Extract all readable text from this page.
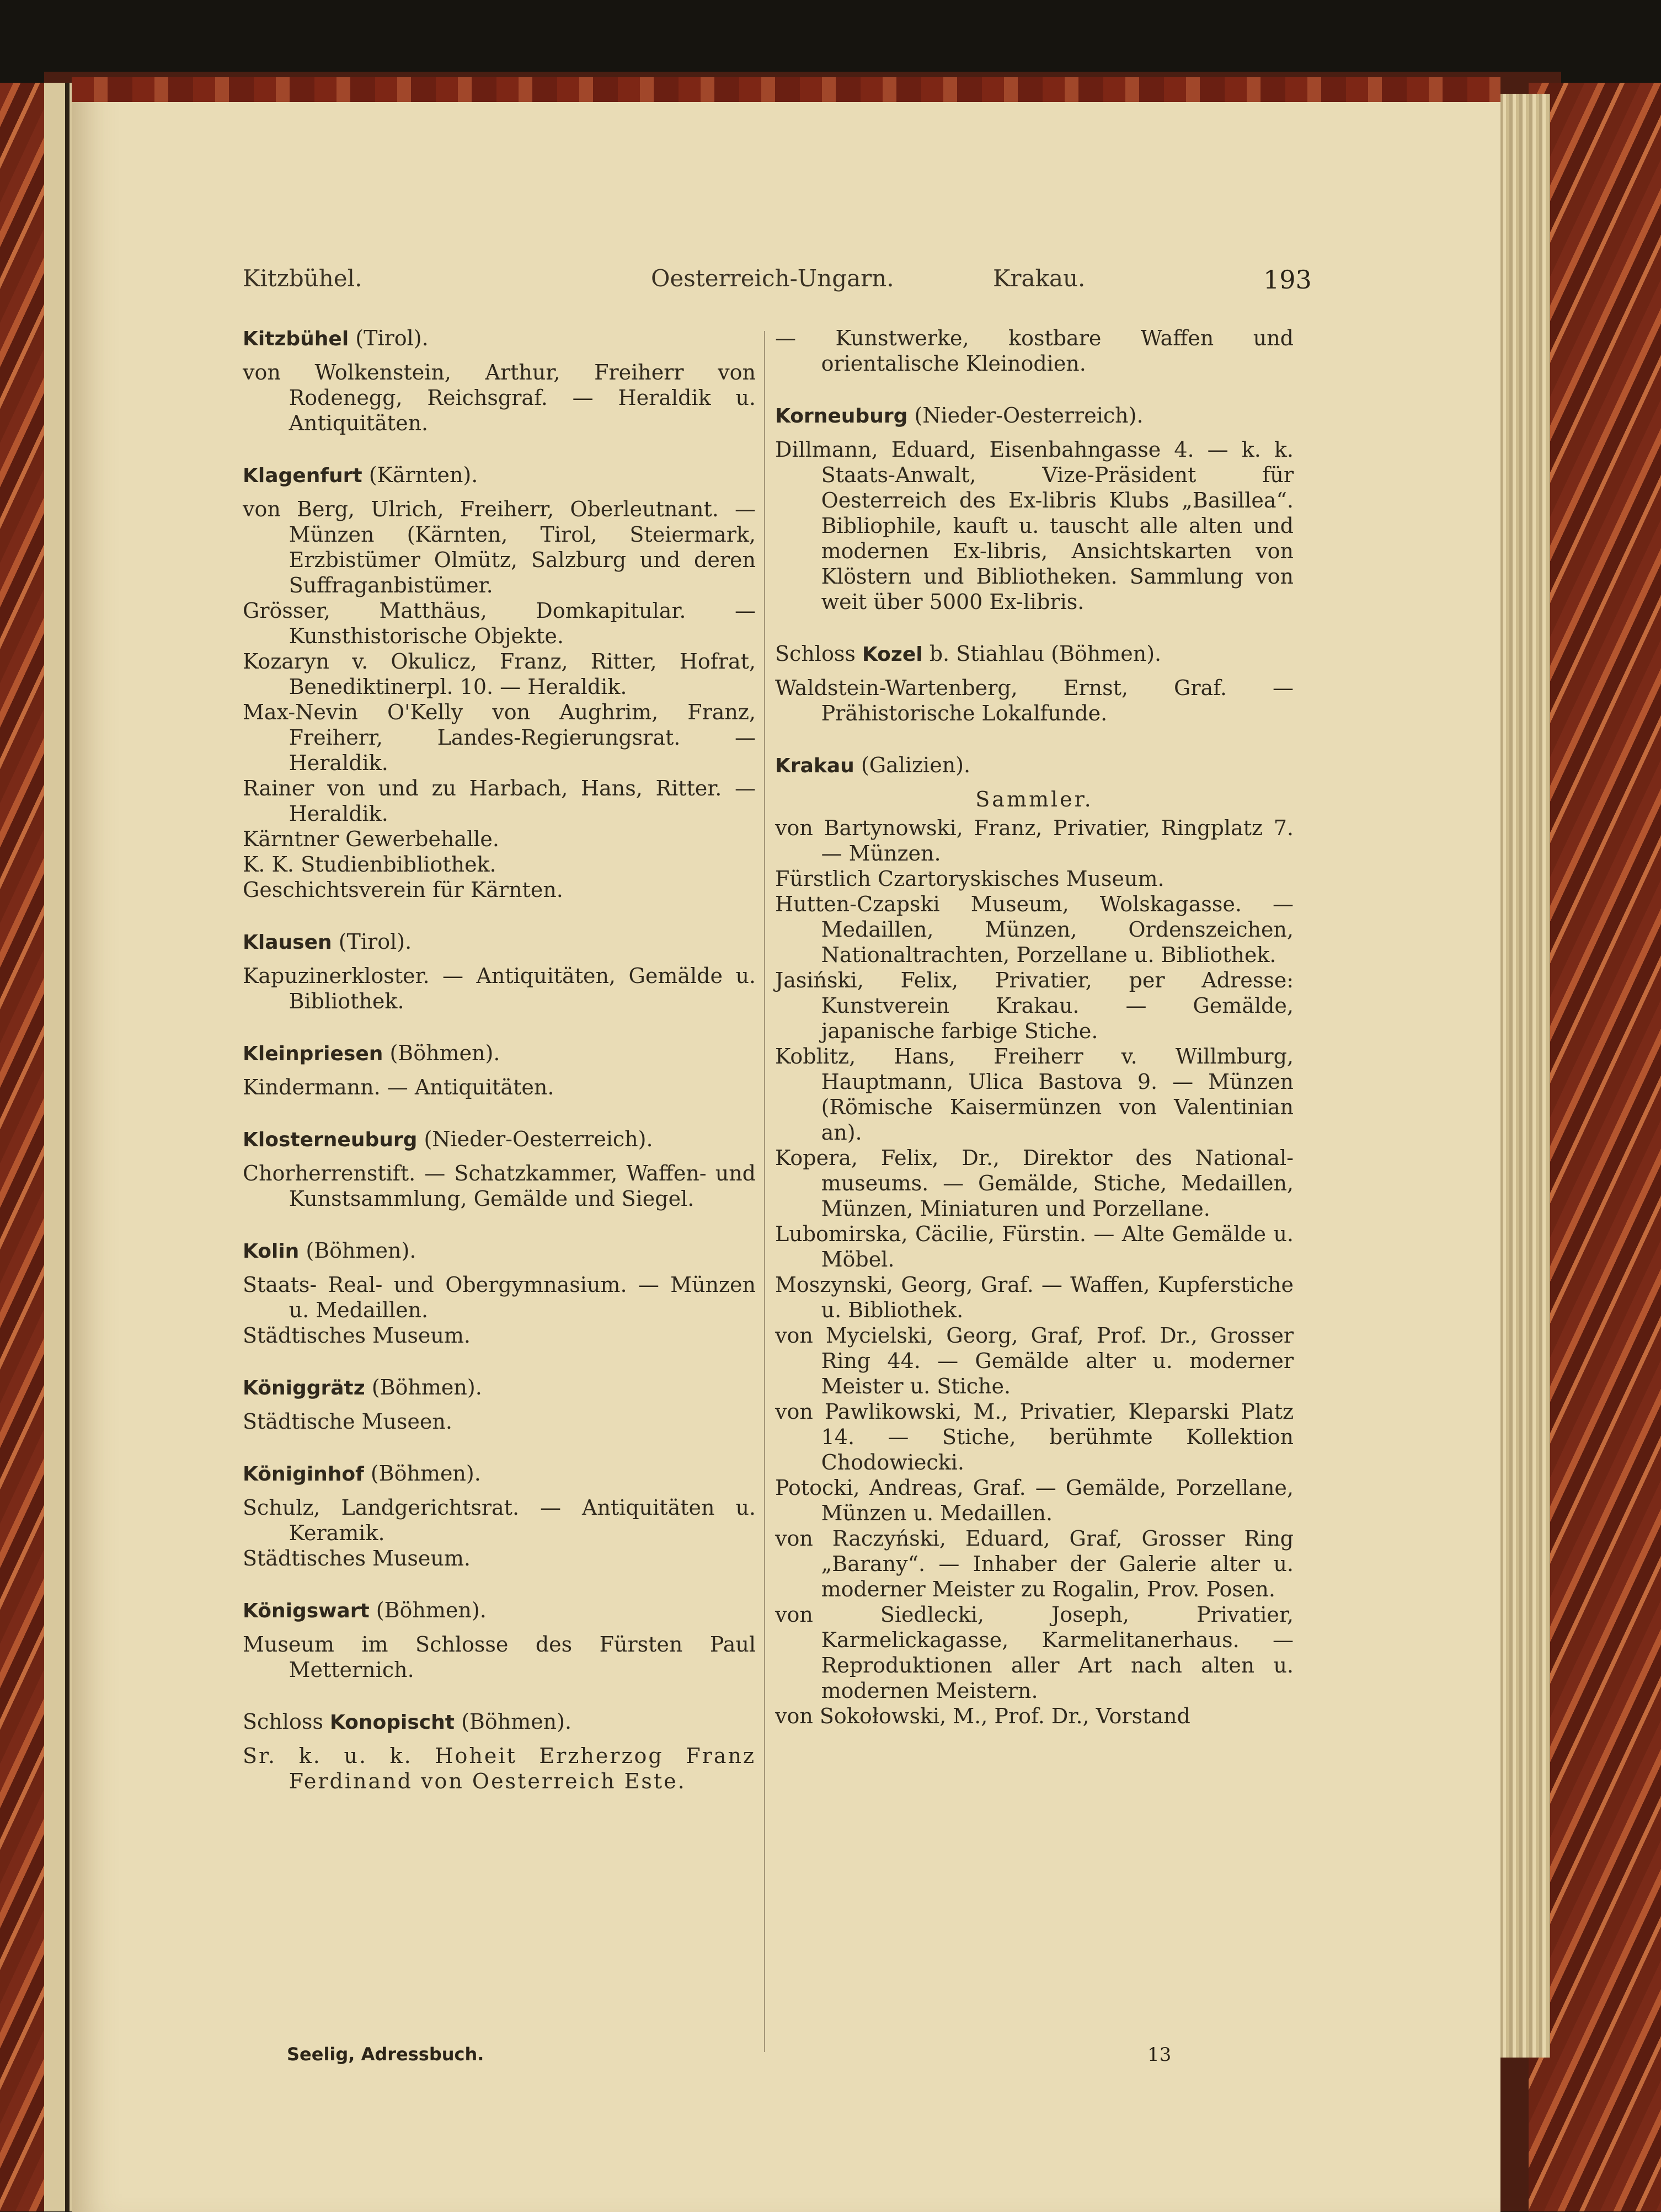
Kitzbühel.	Oesterreich-Ungarn.	Krakau.	193
Kitzbühel (Tirol).

von Wolkenstein, Arthur, Freiherr von Rodenegg, Reichsgraf. — Heraldik u. Antiquitäten.

Klagenfurt (Kärnten).

von Berg, Ulrich, Freiherr, Oberleutnant. — Münzen (Kärnten, Tirol, Steiermark, Erzbistümer Olmütz, Salzburg und deren Suffraganbistümer.

Grösser, Matthäus, Domkapitular. — Kunsthistorische Objekte.

Kozaryn v. Okulicz, Franz, Ritter, Hofrat, Benediktinerpl. 10. — Heraldik.

Max-Nevin O'Kelly von Aughrim, Franz, Freiherr, Landes-Regierungsrat. — Heraldik.

Rainer von und zu Harbach, Hans, Ritter. — Heraldik.

Kärntner Gewerbehalle.

K. K. Studienbibliothek.

Geschichtsverein für Kärnten.

Klausen (Tirol).

Kapuzinerkloster. — Antiquitäten, Gemälde u. Bibliothek.

Kleinpriesen (Böhmen).

Kindermann. — Antiquitäten.

Klosterneuburg (Nieder-Oesterreich).

Chorherrenstift. — Schatzkammer, Waffen- und Kunstsammlung, Gemälde und Siegel.

Kolin (Böhmen).

Staats- Real- und Obergymnasium. — Münzen u. Medaillen.

Städtisches Museum.

Königgrätz (Böhmen).

Städtische Museen.

Königinhof (Böhmen).

Schulz, Landgerichtsrat. — Antiquitäten u. Keramik.

Städtisches Museum.

Königswart (Böhmen).

Museum im Schlosse des Fürsten Paul Metternich.

Schloss Konopischt (Böhmen).

Sr. k. u. k. Hoheit Erzherzog Franz Ferdinand von Oesterreich Este.

— Kunstwerke, kostbare Waffen und orientalische Kleinodien.

Korneuburg (Nieder-Oesterreich).

Dillmann, Eduard, Eisenbahngasse 4. — k. k. Staats-Anwalt, Vize-Präsident für Oesterreich des Ex-libris Klubs „Basillea“. Bibliophile, kauft u. tauscht alle alten und modernen Ex-libris, Ansichtskarten von Klöstern und Bibliotheken. Sammlung von weit über 5000 Ex-libris.

Schloss Kozel b. Stiahlau (Böhmen).

Waldstein-Wartenberg, Ernst, Graf. — Prähistorische Lokalfunde.

Krakau (Galizien).
Sammler.

von Bartynowski, Franz, Privatier, Ringplatz 7. — Münzen.

Fürstlich Czartoryskisches Museum.

Hutten-Czapski Museum, Wolskagasse. — Medaillen, Münzen, Ordenszeichen, Nationaltrachten, Porzellane u. Bibliothek.

Jasiński, Felix, Privatier, per Adresse: Kunstverein Krakau. — Gemälde, japanische farbige Stiche.

Koblitz, Hans, Freiherr v. Willmburg, Hauptmann, Ulica Bastova 9. — Münzen (Römische Kaisermünzen von Valentinian an).

Kopera, Felix, Dr., Direktor des National-museums. — Gemälde, Stiche, Medaillen, Münzen, Miniaturen und Porzellane.

Lubomirska, Cäcilie, Fürstin. — Alte Gemälde u. Möbel.

Moszynski, Georg, Graf. — Waffen, Kupferstiche u. Bibliothek.

von Mycielski, Georg, Graf, Prof. Dr., Grosser Ring 44. — Gemälde alter u. moderner Meister u. Stiche.

von Pawlikowski, M., Privatier, Kleparski Platz 14. — Stiche, berühmte Kollektion Chodowiecki.

Potocki, Andreas, Graf. — Gemälde, Porzellane, Münzen u. Medaillen.

von Raczyński, Eduard, Graf, Grosser Ring „Barany“. — Inhaber der Galerie alter u. moderner Meister zu Rogalin, Prov. Posen.

von Siedlecki, Joseph, Privatier, Karmelickagasse, Karmelitanerhaus. — Reproduktionen aller Art nach alten u. modernen Meistern.

von Sokołowski, M., Prof. Dr., Vorstand

Seelig, Adressbuch.	13
